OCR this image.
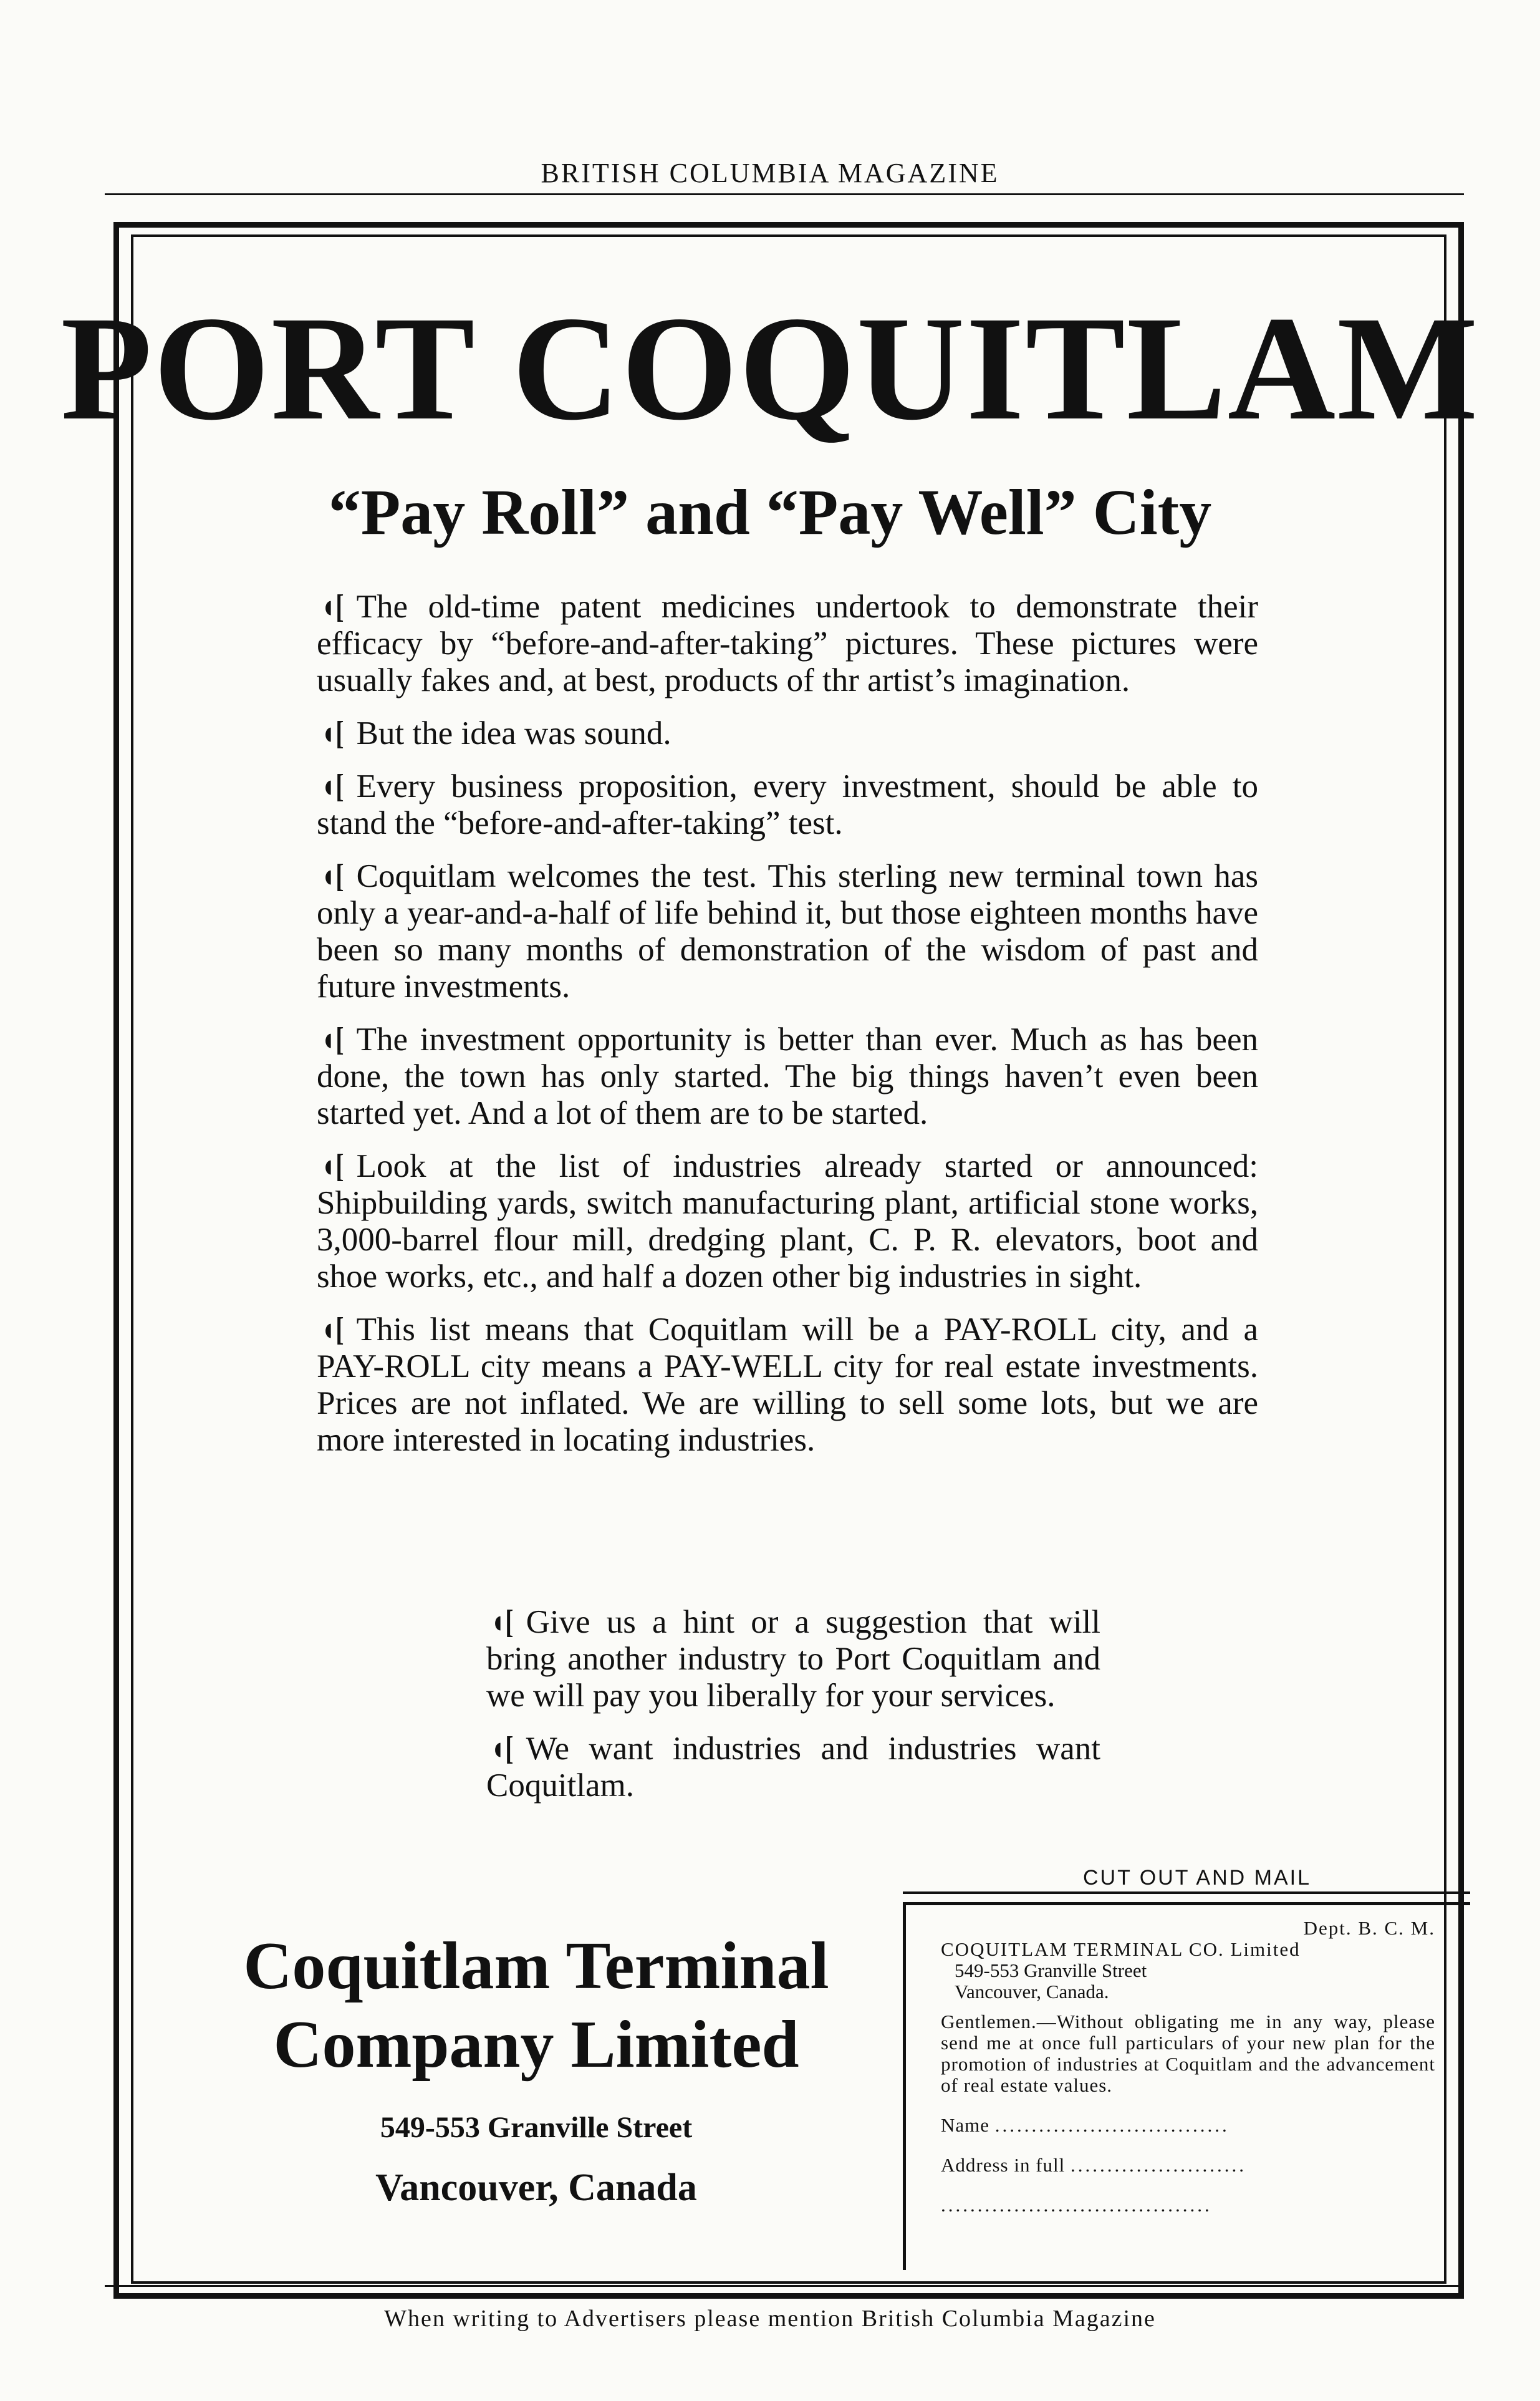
BRITISH COLUMBIA MAGAZINE
PORT COQUITLAM
“Pay Roll” and “Pay Well” City

◖[ The old-time patent medicines undertook to demonstrate their efficacy by “before-and-after-taking” pictures. These pictures were usually fakes and, at best, products of thr artist’s imagination.

◖[ But the idea was sound.

◖[ Every business proposition, every investment, should be able to stand the “before-and-after-taking” test.

◖[ Coquitlam welcomes the test. This sterling new terminal town has only a year-and-a-half of life behind it, but those eighteen months have been so many months of demonstration of the wisdom of past and future investments.

◖[ The investment opportunity is better than ever. Much as has been done, the town has only started. The big things haven’t even been started yet. And a lot of them are to be started.

◖[ Look at the list of industries already started or announced: Shipbuilding yards, switch manufacturing plant, artificial stone works, 3,000-barrel flour mill, dredging plant, C. P. R. elevators, boot and shoe works, etc., and half a dozen other big industries in sight.

◖[ This list means that Coquitlam will be a PAY-ROLL city, and a PAY-ROLL city means a PAY-WELL city for real estate investments. Prices are not inflated. We are willing to sell some lots, but we are more interested in locating industries.

◖[ Give us a hint or a suggestion that will bring another industry to Port Coquitlam and we will pay you liberally for your services.

◖[ We want industries and industries want Coquitlam.

Coquitlam Terminal
Company Limited
549-553 Granville Street
Vancouver, Canada
CUT OUT AND MAIL
Dept. B. C. M.
COQUITLAM TERMINAL CO. Limited
549-553 Granville Street
Vancouver, Canada.
Gentlemen.—Without obligating me in any way, please send me at once full particulars of your new plan for the promotion of industries at Coquitlam and the advancement of real estate values.
Name ................................
Address in full ........................
.....................................
When writing to Advertisers please mention British Columbia Magazine
